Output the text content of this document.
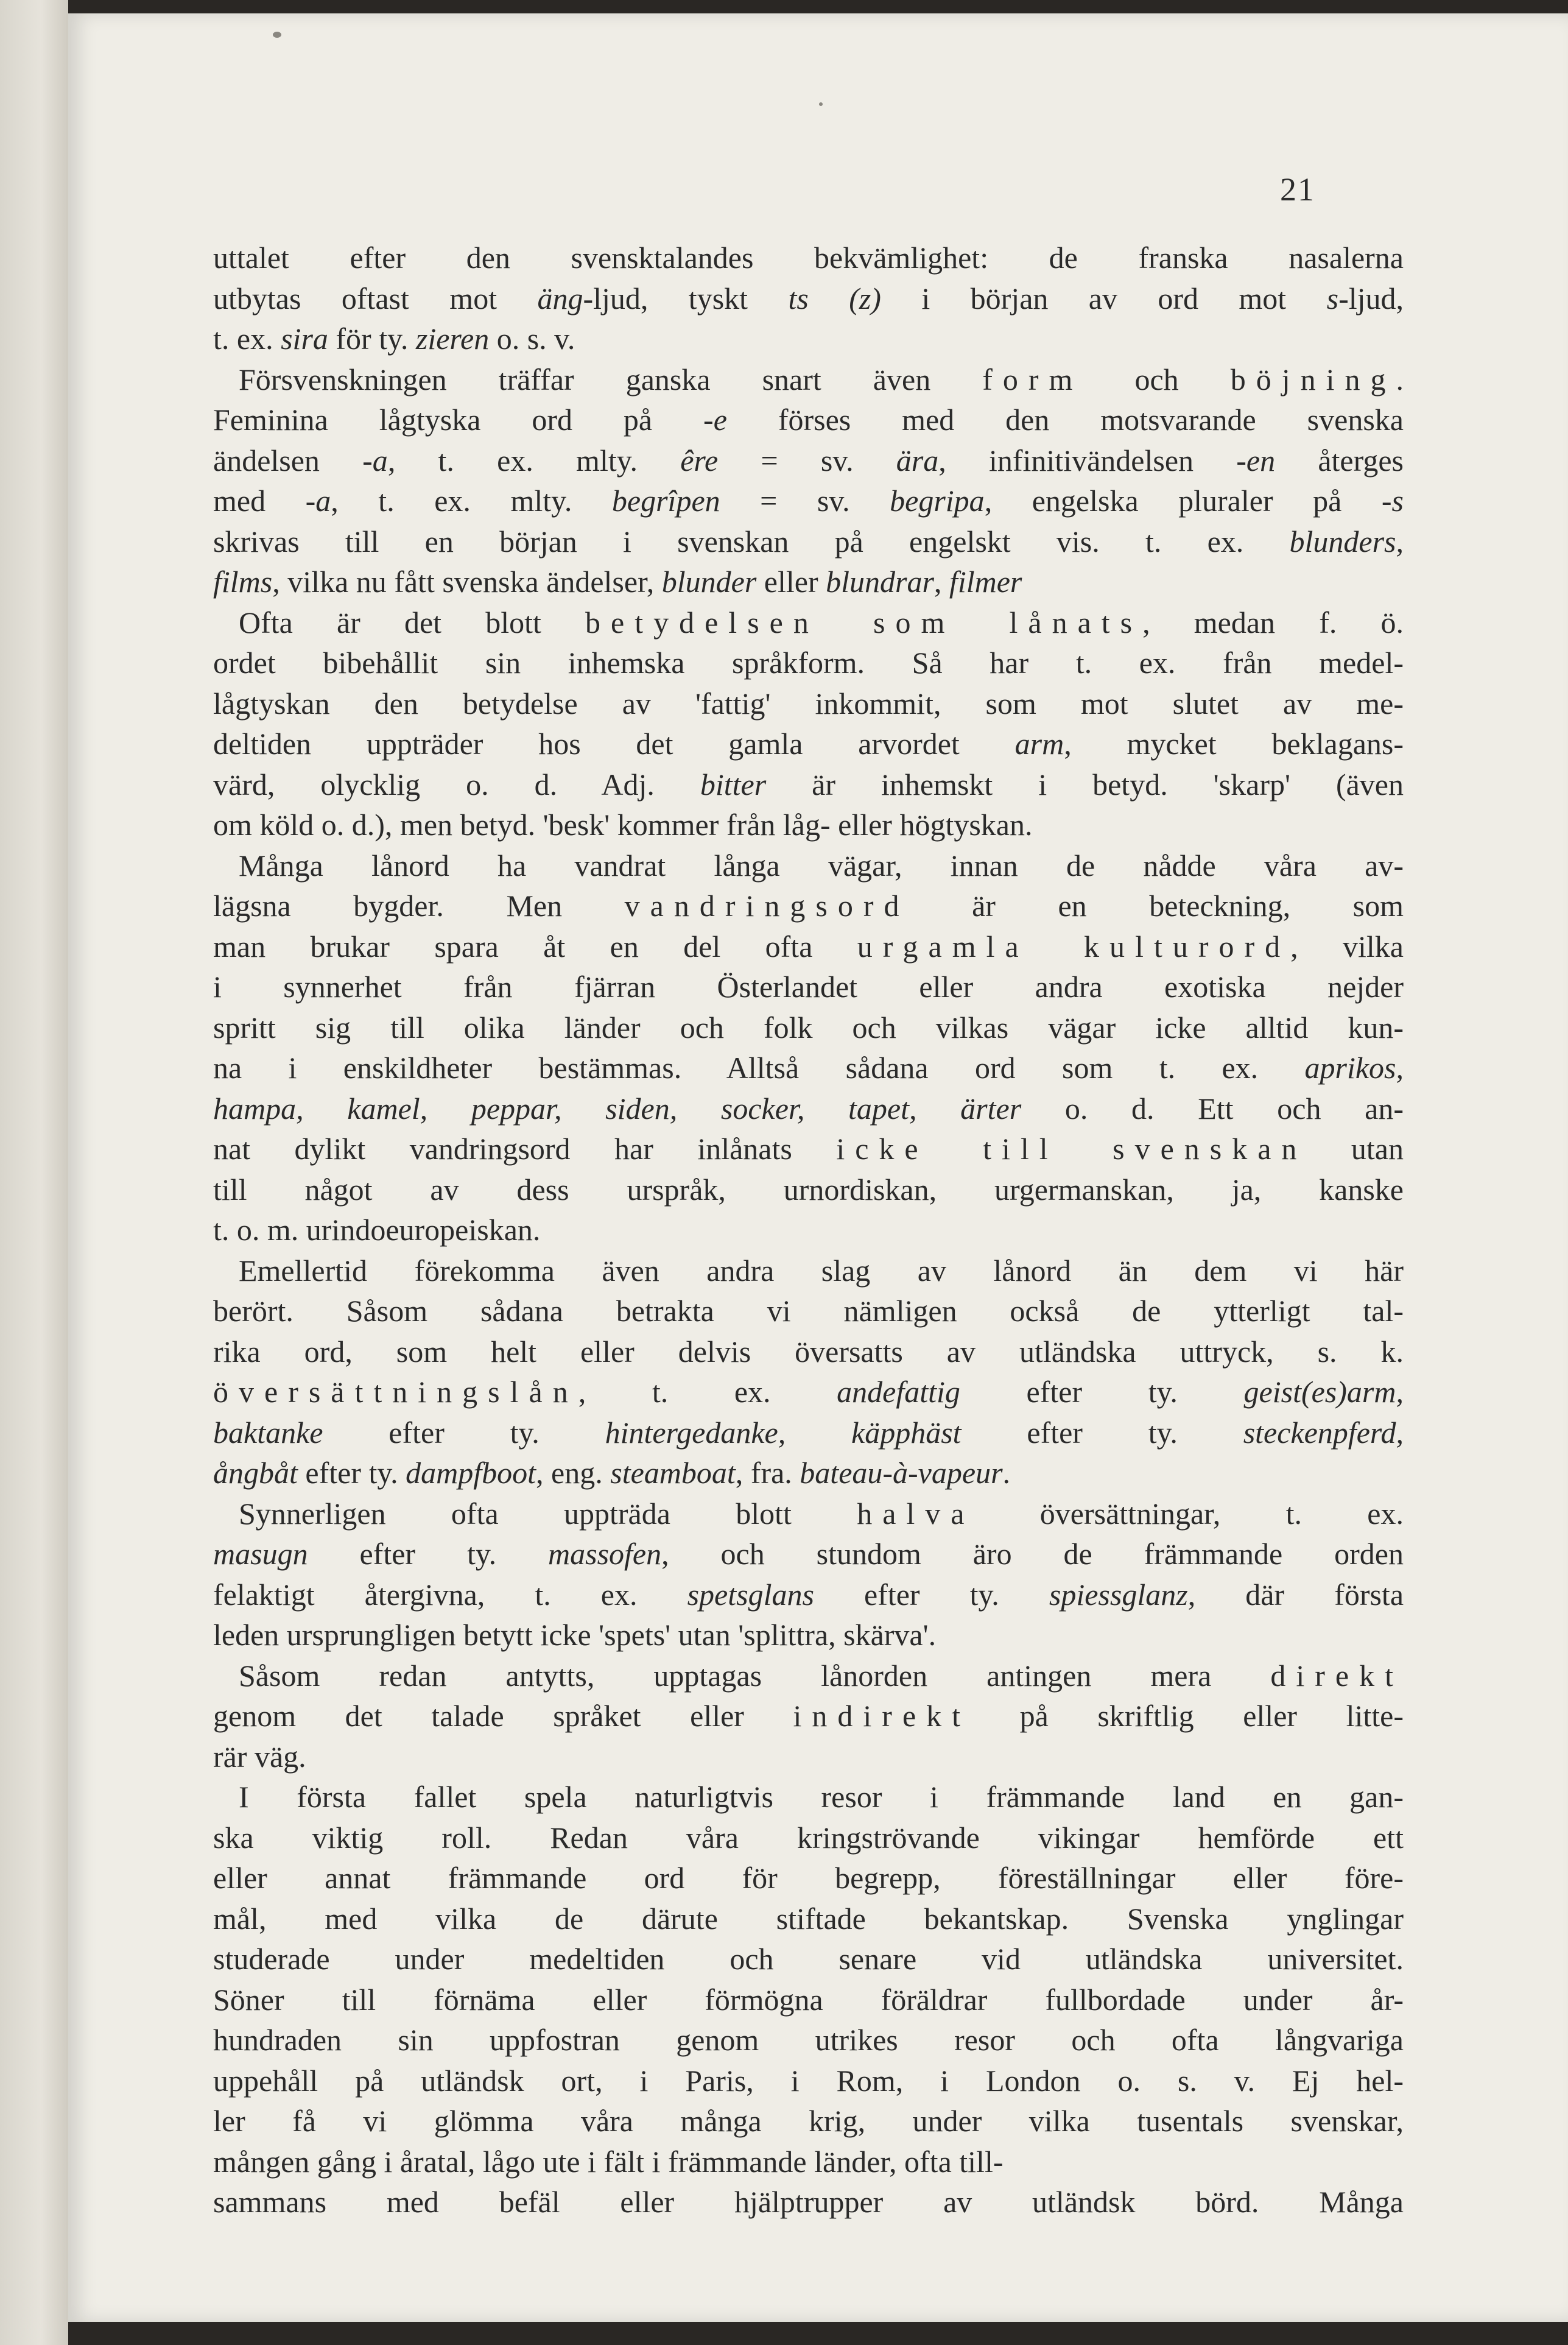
21
uttalet efter den svensktalandes bekvämlighet: de franska nasalerna
utbytas oftast mot äng-ljud, tyskt ts (z) i början av ord mot s-ljud,
t. ex. sira för ty. zieren o. s. v.
Försvenskningen träffar ganska snart även form och böjning.
Feminina lågtyska ord på -e förses med den motsvarande svenska
ändelsen -a, t. ex. mlty. êre = sv. ära, infinitivändelsen -en återges
med -a, t. ex. mlty. begrîpen = sv. begripa, engelska pluraler på -s
skrivas till en början i svenskan på engelskt vis. t. ex. blunders,
films, vilka nu fått svenska ändelser, blunder eller blundrar, filmer
Ofta är det blott betydelsen som lånats, medan f. ö.
ordet bibehållit sin inhemska språkform. Så har t. ex. från medel-
lågtyskan den betydelse av 'fattig' inkommit, som mot slutet av me-
deltiden uppträder hos det gamla arvordet arm, mycket beklagans-
värd, olycklig o. d. Adj. bitter är inhemskt i betyd. 'skarp' (även
om köld o. d.), men betyd. 'besk' kommer från låg- eller högtyskan.
Många lånord ha vandrat långa vägar, innan de nådde våra av-
lägsna bygder. Men vandringsord är en beteckning, som
man brukar spara åt en del ofta urgamla kulturord, vilka
i synnerhet från fjärran Österlandet eller andra exotiska nejder
spritt sig till olika länder och folk och vilkas vägar icke alltid kun-
na i enskildheter bestämmas. Alltså sådana ord som t. ex. aprikos,
hampa, kamel, peppar, siden, socker, tapet, ärter o. d. Ett och an-
nat dylikt vandringsord har inlånats icke till svenskan utan
till något av dess urspråk, urnordiskan, urgermanskan, ja, kanske
t. o. m. urindoeuropeiskan.
Emellertid förekomma även andra slag av lånord än dem vi här
berört. Såsom sådana betrakta vi nämligen också de ytterligt tal-
rika ord, som helt eller delvis översatts av utländska uttryck, s. k.
översättningslån, t. ex. andefattig efter ty. geist(es)arm,
baktanke efter ty. hintergedanke, käpphäst efter ty. steckenpferd,
ångbåt efter ty. dampfboot, eng. steamboat, fra. bateau-à-vapeur.
Synnerligen ofta uppträda blott halva översättningar, t. ex.
masugn efter ty. massofen, och stundom äro de främmande orden
felaktigt återgivna, t. ex. spetsglans efter ty. spiessglanz, där första
leden ursprungligen betytt icke 'spets' utan 'splittra, skärva'.
Såsom redan antytts, upptagas lånorden antingen mera direkt
genom det talade språket eller indirekt på skriftlig eller litte-
rär väg.
I första fallet spela naturligtvis resor i främmande land en gan-
ska viktig roll. Redan våra kringströvande vikingar hemförde ett
eller annat främmande ord för begrepp, föreställningar eller före-
mål, med vilka de därute stiftade bekantskap. Svenska ynglingar
studerade under medeltiden och senare vid utländska universitet.
Söner till förnäma eller förmögna föräldrar fullbordade under år-
hundraden sin uppfostran genom utrikes resor och ofta långvariga
uppehåll på utländsk ort, i Paris, i Rom, i London o. s. v. Ej hel-
ler få vi glömma våra många krig, under vilka tusentals svenskar,
mången gång i åratal, lågo ute i fält i främmande länder, ofta till-
sammans med befäl eller hjälptrupper av utländsk börd. Många
